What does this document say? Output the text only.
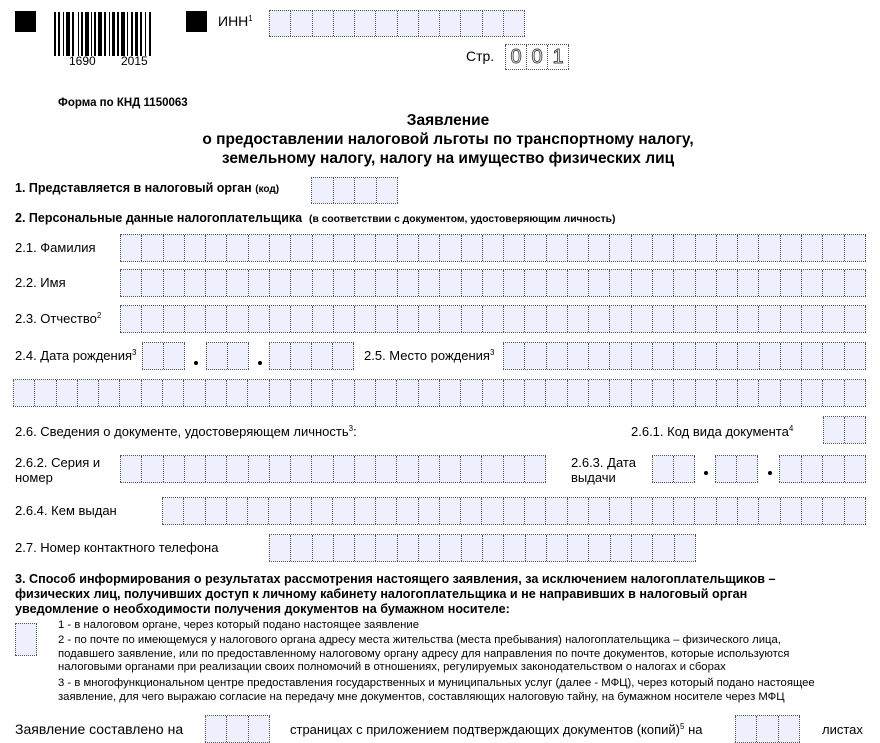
1690 2015
ИНН$^1$
Стр. 0 0 1
Форма по КНД 1150063
Заявление
о предоставлении налоговой льготы по транспортному налогу,
земельному налогу, налогу на имущество физических лиц
1. Представляется в налоговый орган (код)
2. Персональные данные налогоплательщика (в соответствии с документом, удостоверяющим личность)
2.1. Фамилия
2.2. Имя
2.3. Отчество$^2$
2.4. Дата рождения$^3$	2.5. Место рождения$^3$
2.6. Сведения о документе, удостоверяющем личность$^3$:	2.6.1. Код вида документа$^4$
2.6.2. Серия и
номер
2.6.3. Дата
выдачи
2.6.4. Кем выдан
2.7. Номер контактного телефона
3. Способ информирования о результатах рассмотрения настоящего заявления, за исключением налогоплательщиков –
физических лиц, получивших доступ к личному кабинету налогоплательщика и не направивших в налоговый орган
уведомление о необходимости получения документов на бумажном носителе:
1 - в налоговом органе, через который подано настоящее заявление
2 - по почте по имеющемуся у налогового органа адресу места жительства (места пребывания) налогоплательщика – физического лица,
подавшего заявление, или по предоставленному налоговому органу адресу для направления по почте документов, которые используются
налоговыми органами при реализации своих полномочий в отношениях, регулируемых законодательством о налогах и сборах
3 - в многофункциональном центре предоставления государственных и муниципальных услуг (далее - МФЦ), через который подано настоящее
заявление, для чего выражаю согласие на передачу мне документов, составляющих налоговую тайну, на бумажном носителе через МФЦ
Заявление составлено на	страницах с приложением подтверждающих документов (копий)$^5$ на	листах
